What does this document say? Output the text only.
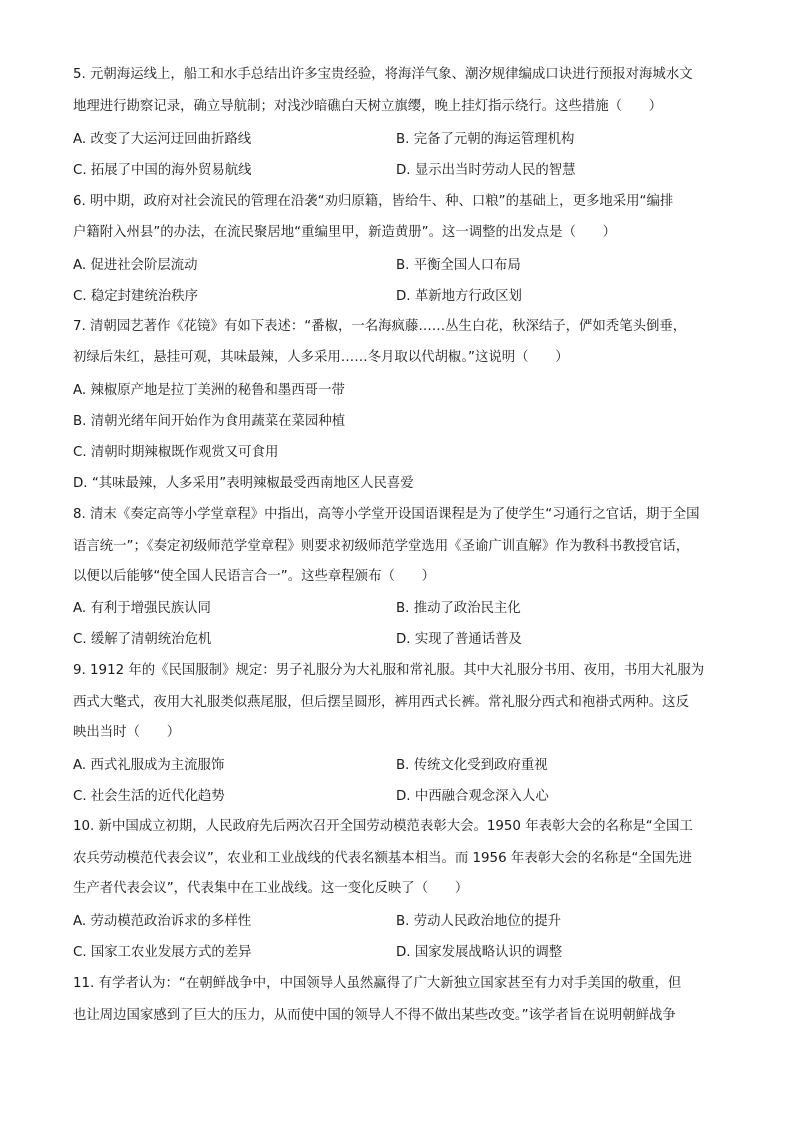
5. 元朝海运线上，船工和水手总结出许多宝贵经验，将海洋气象、潮汐规律编成口诀进行预报对海城水文
地理进行勘察记录，确立导航制；对浅沙暗礁白天树立旗缨，晚上挂灯指示绕行。这些措施（　　）
A. 改变了大运河迂回曲折路线	B. 完备了元朝的海运管理机构
C. 拓展了中国的海外贸易航线	D. 显示出当时劳动人民的智慧
6. 明中期，政府对社会流民的管理在沿袭“劝归原籍，皆给牛、种、口粮”的基础上，更多地采用“编排
户籍附入州县”的办法，在流民聚居地“重编里甲，新造黄册”。这一调整的出发点是（　　）
A. 促进社会阶层流动	B. 平衡全国人口布局
C. 稳定封建统治秩序	D. 革新地方行政区划
7. 清朝园艺著作《花镜》有如下表述：“番椒，一名海疯藤……丛生白花，秋深结子，俨如秃笔头倒垂，
初绿后朱红，悬挂可观，其味最辣，人多采用……冬月取以代胡椒。”这说明（　　）
A. 辣椒原产地是拉丁美洲的秘鲁和墨西哥一带
B. 清朝光绪年间开始作为食用蔬菜在菜园种植
C. 清朝时期辣椒既作观赏又可食用
D. “其味最辣，人多采用”表明辣椒最受西南地区人民喜爱
8. 清末《奏定高等小学堂章程》中指出，高等小学堂开设国语课程是为了使学生“习通行之官话，期于全国
语言统一”；《奏定初级师范学堂章程》则要求初级师范学堂选用《圣谕广训直解》作为教科书教授官话，
以便以后能够“使全国人民语言合一”。这些章程颁布（　　）
A. 有利于增强民族认同	B. 推动了政治民主化
C. 缓解了清朝统治危机	D. 实现了普通话普及
9. 1912 年的《民国服制》规定：男子礼服分为大礼服和常礼服。其中大礼服分书用、夜用，书用大礼服为
西式大氅式，夜用大礼服类似燕尾服，但后摆呈圆形，裤用西式长裤。常礼服分西式和袍褂式两种。这反
映出当时（　　）
A. 西式礼服成为主流服饰	B. 传统文化受到政府重视
C. 社会生活的近代化趋势	D. 中西融合观念深入人心
10. 新中国成立初期，人民政府先后两次召开全国劳动模范表彰大会。1950 年表彰大会的名称是“全国工
农兵劳动模范代表会议”，农业和工业战线的代表名额基本相当。而 1956 年表彰大会的名称是“全国先进
生产者代表会议”，代表集中在工业战线。这一变化反映了（　　）
A. 劳动模范政治诉求的多样性	B. 劳动人民政治地位的提升
C. 国家工农业发展方式的差异	D. 国家发展战略认识的调整
11. 有学者认为：“在朝鲜战争中，中国领导人虽然赢得了广大新独立国家甚至有力对手美国的敬重，但
也让周边国家感到了巨大的压力，从而使中国的领导人不得不做出某些改变。”该学者旨在说明朝鲜战争
